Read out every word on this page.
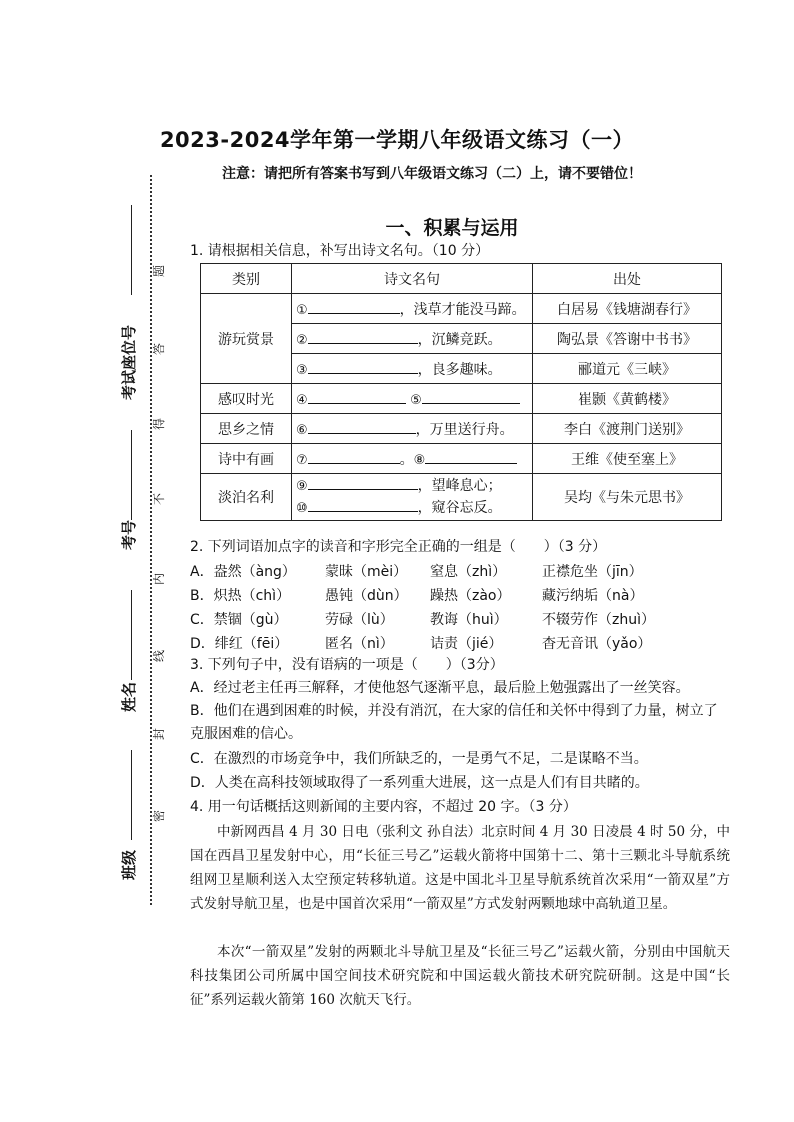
考试座位号
考号
姓名
班级
题
答
得
不
内
线
封
密
2023-2024学年第一学期八年级语文练习（一）
注意：请把所有答案书写到八年级语文练习（二）上，请不要错位！
一、积累与运用
1. 请根据相关信息，补写出诗文名句。（10 分）
类别	诗文名句	出处
游玩赏景	① ，浅草才能没马蹄。	白居易《钱塘湖春行》
	② ，沉鳞竞跃。	陶弘景《答谢中书书》
	③ ，良多趣味。	郦道元《三峡》
感叹时光	④ ⑤	崔颢《黄鹤楼》
思乡之情	⑥ ，万里送行舟。	李白《渡荆门送别》
诗中有画	⑦ 。⑧	王维《使至塞上》
淡泊名利	⑨ ，望峰息心；
⑩ ，窥谷忘反。	吴均《与朱元思书》
2. 下列词语加点字的读音和字形完全正确的一组是（　　）（3 分）
A．盎然（àng） 蒙昧（mèi） 窒息（zhì）	正襟危坐（jīn）
B．炽热（chì） 愚钝（dùn） 躁热（zào） 藏污纳垢（nà）
C．禁锢（gù）	劳碌（lù）	教诲（huì） 不辍劳作（zhuì）
D．绯红（fēi）	匿名（nì）	诘责（jié）	杳无音讯（yǎo）
3. 下列句子中，没有语病的一项是（　　）（3分）
A．经过老主任再三解释，才使他怒气逐渐平息，最后脸上勉强露出了一丝笑容。
B．他们在遇到困难的时候，并没有消沉，在大家的信任和关怀中得到了力量，树立了克服困难的信心。
C．在激烈的市场竞争中，我们所缺乏的，一是勇气不足，二是谋略不当。
D．人类在高科技领域取得了一系列重大进展，这一点是人们有目共睹的。
4. 用一句话概括这则新闻的主要内容，不超过 20 字。（3 分）
中新网西昌 4 月 30 日电（张利文 孙自法）北京时间 4 月 30 日凌晨 4 时 50 分，中国在西昌卫星发射中心，用“长征三号乙”运载火箭将中国第十二、第十三颗北斗导航系统组网卫星顺利送入太空预定转移轨道。这是中国北斗卫星导航系统首次采用“一箭双星”方式发射导航卫星，也是中国首次采用“一箭双星”方式发射两颗地球中高轨道卫星。
本次“一箭双星”发射的两颗北斗导航卫星及“长征三号乙”运载火箭，分别由中国航天科技集团公司所属中国空间技术研究院和中国运载火箭技术研究院研制。这是中国“长征”系列运载火箭第 160 次航天飞行。
